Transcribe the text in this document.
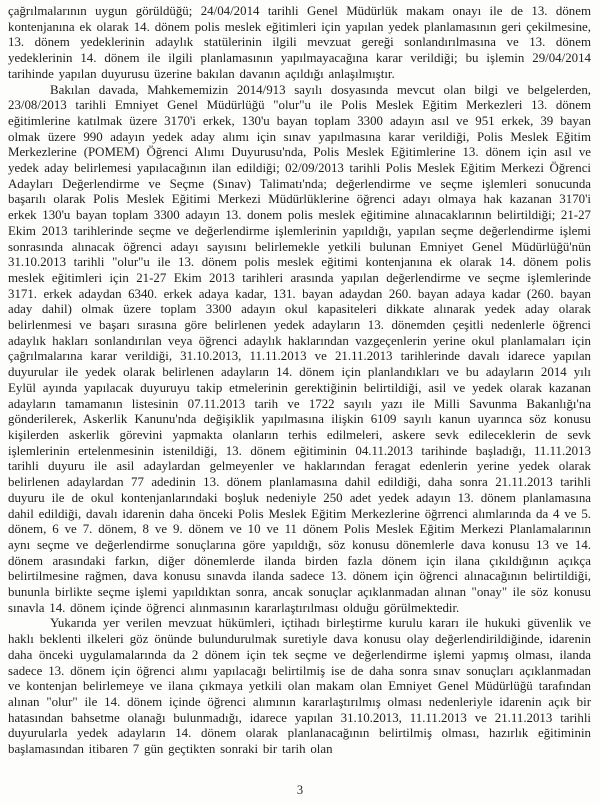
çağrılmalarının uygun görüldüğü; 24/04/2014 tarihli Genel Müdürlük makam onayı ile de 13. dönem kontenjanına ek olarak 14. dönem polis meslek eğitimleri için yapılan yedek planlamasının geri çekilmesine, 13. dönem yedeklerinin adaylık statülerinin ilgili mevzuat gereği sonlandırılmasına ve 13. dönem yedeklerinin 14. dönem ile ilgili planlamasının yapılmayacağına karar verildiği; bu işlemin 29/04/2014 tarihinde yapılan duyurusu üzerine bakılan davanın açıldığı anlaşılmıştır.

Bakılan davada, Mahkememizin 2014/913 sayılı dosyasında mevcut olan bilgi ve belgelerden, 23/08/2013 tarihli Emniyet Genel Müdürlüğü "olur"u ile Polis Meslek Eğitim Merkezleri 13. dönem eğitimlerine katılmak üzere 3170'i erkek, 130'u bayan toplam 3300 adayın asıl ve 951 erkek, 39 bayan olmak üzere 990 adayın yedek aday alımı için sınav yapılmasına karar verildiği, Polis Meslek Eğitim Merkezlerine (POMEM) Öğrenci Alımı Duyurusu'nda, Polis Meslek Eğitimlerine 13. dönem için asıl ve yedek aday belirlemesi yapılacağının ilan edildiği; 02/09/2013 tarihli Polis Meslek Eğitim Merkezi Öğrenci Adayları Değerlendirme ve Seçme (Sınav) Talimatı'nda; değerlendirme ve seçme işlemleri sonucunda başarılı olarak Polis Meslek Eğitimi Merkezi Müdürlüklerine öğrenci adayı olmaya hak kazanan 3170'i erkek 130'u bayan toplam 3300 adayın 13. donem polis meslek eğitimine alınacaklarının belirtildiği; 21-27 Ekim 2013 tarihlerinde seçme ve değerlendirme işlemlerinin yapıldığı, yapılan seçme değerlendirme işlemi sonrasında alınacak öğrenci adayı sayısını belirlemekle yetkili bulunan Emniyet Genel Müdürlüğü'nün 31.10.2013 tarihli "olur"u ile 13. dönem polis meslek eğitimi kontenjanına ek olarak 14. dönem polis meslek eğitimleri için 21-27 Ekim 2013 tarihleri arasında yapılan değerlendirme ve seçme işlemlerinde 3171. erkek adaydan 6340. erkek adaya kadar, 131. bayan adaydan 260. bayan adaya kadar (260. bayan aday dahil) olmak üzere toplam 3300 adayın okul kapasiteleri dikkate alınarak yedek aday olarak belirlenmesi ve başarı sırasına göre belirlenen yedek adayların 13. dönemden çeşitli nedenlerle öğrenci adaylık hakları sonlandırılan veya öğrenci adaylık haklarından vazgeçenlerin yerine okul planlamaları için çağrılmalarına karar verildiği, 31.10.2013, 11.11.2013 ve 21.11.2013 tarihlerinde davalı idarece yapılan duyurular ile yedek olarak belirlenen adayların 14. dönem için planlandıkları ve bu adayların 2014 yılı Eylül ayında yapılacak duyuruyu takip etmelerinin gerektiğinin belirtildiği, asil ve yedek olarak kazanan adayların tamamanın listesinin 07.11.2013 tarih ve 1722 sayılı yazı ile Milli Savunma Bakanlığı'na gönderilerek, Askerlik Kanunu'nda değişiklik yapılmasına ilişkin 6109 sayılı kanun uyarınca söz konusu kişilerden askerlik görevini yapmakta olanların terhis edilmeleri, askere sevk edileceklerin de sevk işlemlerinin ertelenmesinin istenildiği, 13. dönem eğitiminin 04.11.2013 tarihinde başladığı, 11.11.2013 tarihli duyuru ile asil adaylardan gelmeyenler ve haklarından feragat edenlerin yerine yedek olarak belirlenen adaylardan 77 adedinin 13. dönem planlamasına dahil edildiği, daha sonra 21.11.2013 tarihli duyuru ile de okul kontenjanlarındaki boşluk nedeniyle 250 adet yedek adayın 13. dönem planlamasına dahil edildiği, davalı idarenin daha önceki Polis Meslek Eğitim Merkezlerine öğrrenci alımlarında da 4 ve 5. dönem, 6 ve 7. dönem, 8 ve 9. dönem ve 10 ve 11 dönem Polis Meslek Eğitim Merkezi Planlamalarının aynı seçme ve değerlendirme sonuçlarına göre yapıldığı, söz konusu dönemlerle dava konusu 13 ve 14. dönem arasındaki farkın, diğer dönemlerde ilanda birden fazla dönem için ilana çıkıldığının açıkça belirtilmesine rağmen, dava konusu sınavda ilanda sadece 13. dönem için öğrenci alınacağının belirtildiği, bununla birlikte seçme işlemi yapıldıktan sonra, ancak sonuçlar açıklanmadan alınan "onay" ile söz konusu sınavla 14. dönem içinde öğrenci alınmasının kararlaştırılması olduğu görülmektedir.

Yukarıda yer verilen mevzuat hükümleri, içtihadı birleştirme kurulu kararı ile hukuki güvenlik ve haklı beklenti ilkeleri göz önünde bulundurulmak suretiyle dava konusu olay değerlendirildiğinde, idarenin daha önceki uygulamalarında da 2 dönem için tek seçme ve değerlendirme işlemi yapmış olması, ilanda sadece 13. dönem için öğrenci alımı yapılacağı belirtilmiş ise de daha sonra sınav sonuçları açıklanmadan ve kontenjan belirlemeye ve ilana çıkmaya yetkili olan makam olan Emniyet Genel Müdürlüğü tarafından alınan "olur" ile 14. dönem içinde öğrenci alımının kararlaştırılmış olması nedenleriyle idarenin açık bir hatasından bahsetme olanağı bulunmadığı, idarece yapılan 31.10.2013, 11.11.2013 ve 21.11.2013 tarihli duyurularla yedek adayların 14. dönem olarak planlanacağının belirtilmiş olması, hazırlık eğitiminin başlamasından itibaren 7 gün geçtikten sonraki bir tarih olan

3
